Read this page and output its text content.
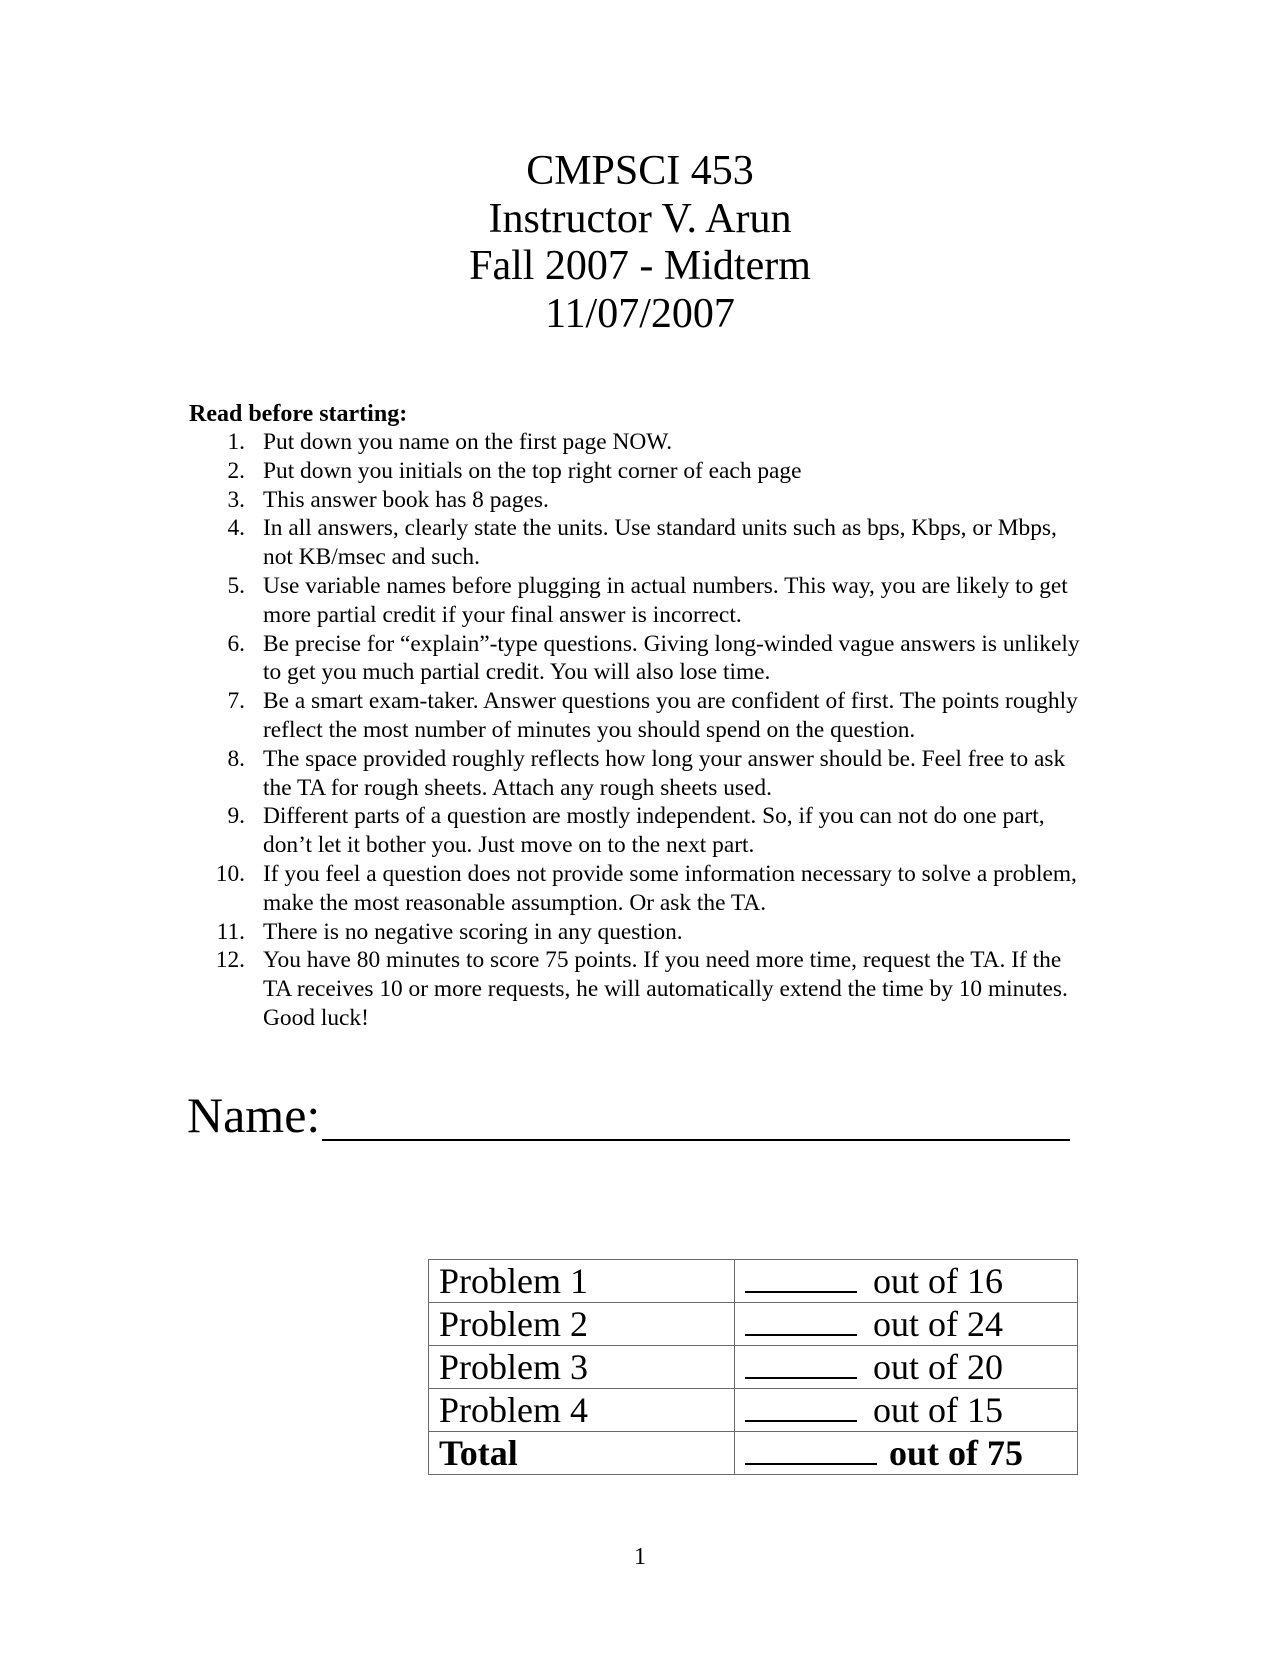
CMPSCI 453
Instructor V. Arun
Fall 2007 - Midterm
11/07/2007
Read before starting:
1. Put down you name on the first page NOW.
2. Put down you initials on the top right corner of each page
3. This answer book has 8 pages.
4. In all answers, clearly state the units. Use standard units such as bps, Kbps, or Mbps, not KB/msec and such.
5. Use variable names before plugging in actual numbers. This way, you are likely to get more partial credit if your final answer is incorrect.
6. Be precise for “explain”-type questions. Giving long-winded vague answers is unlikely to get you much partial credit. You will also lose time.
7. Be a smart exam-taker. Answer questions you are confident of first. The points roughly reflect the most number of minutes you should spend on the question.
8. The space provided roughly reflects how long your answer should be. Feel free to ask the TA for rough sheets. Attach any rough sheets used.
9. Different parts of a question are mostly independent. So, if you can not do one part, don’t let it bother you. Just move on to the next part.
10. If you feel a question does not provide some information necessary to solve a problem, make the most reasonable assumption. Or ask the TA.
11. There is no negative scoring in any question.
12. You have 80 minutes to score 75 points. If you need more time, request the TA. If the TA receives 10 or more requests, he will automatically extend the time by 10 minutes. Good luck!
Name:
Problem 1	out of 16
Problem 2	out of 24
Problem 3	out of 20
Problem 4	out of 15
Total	out of 75
1
